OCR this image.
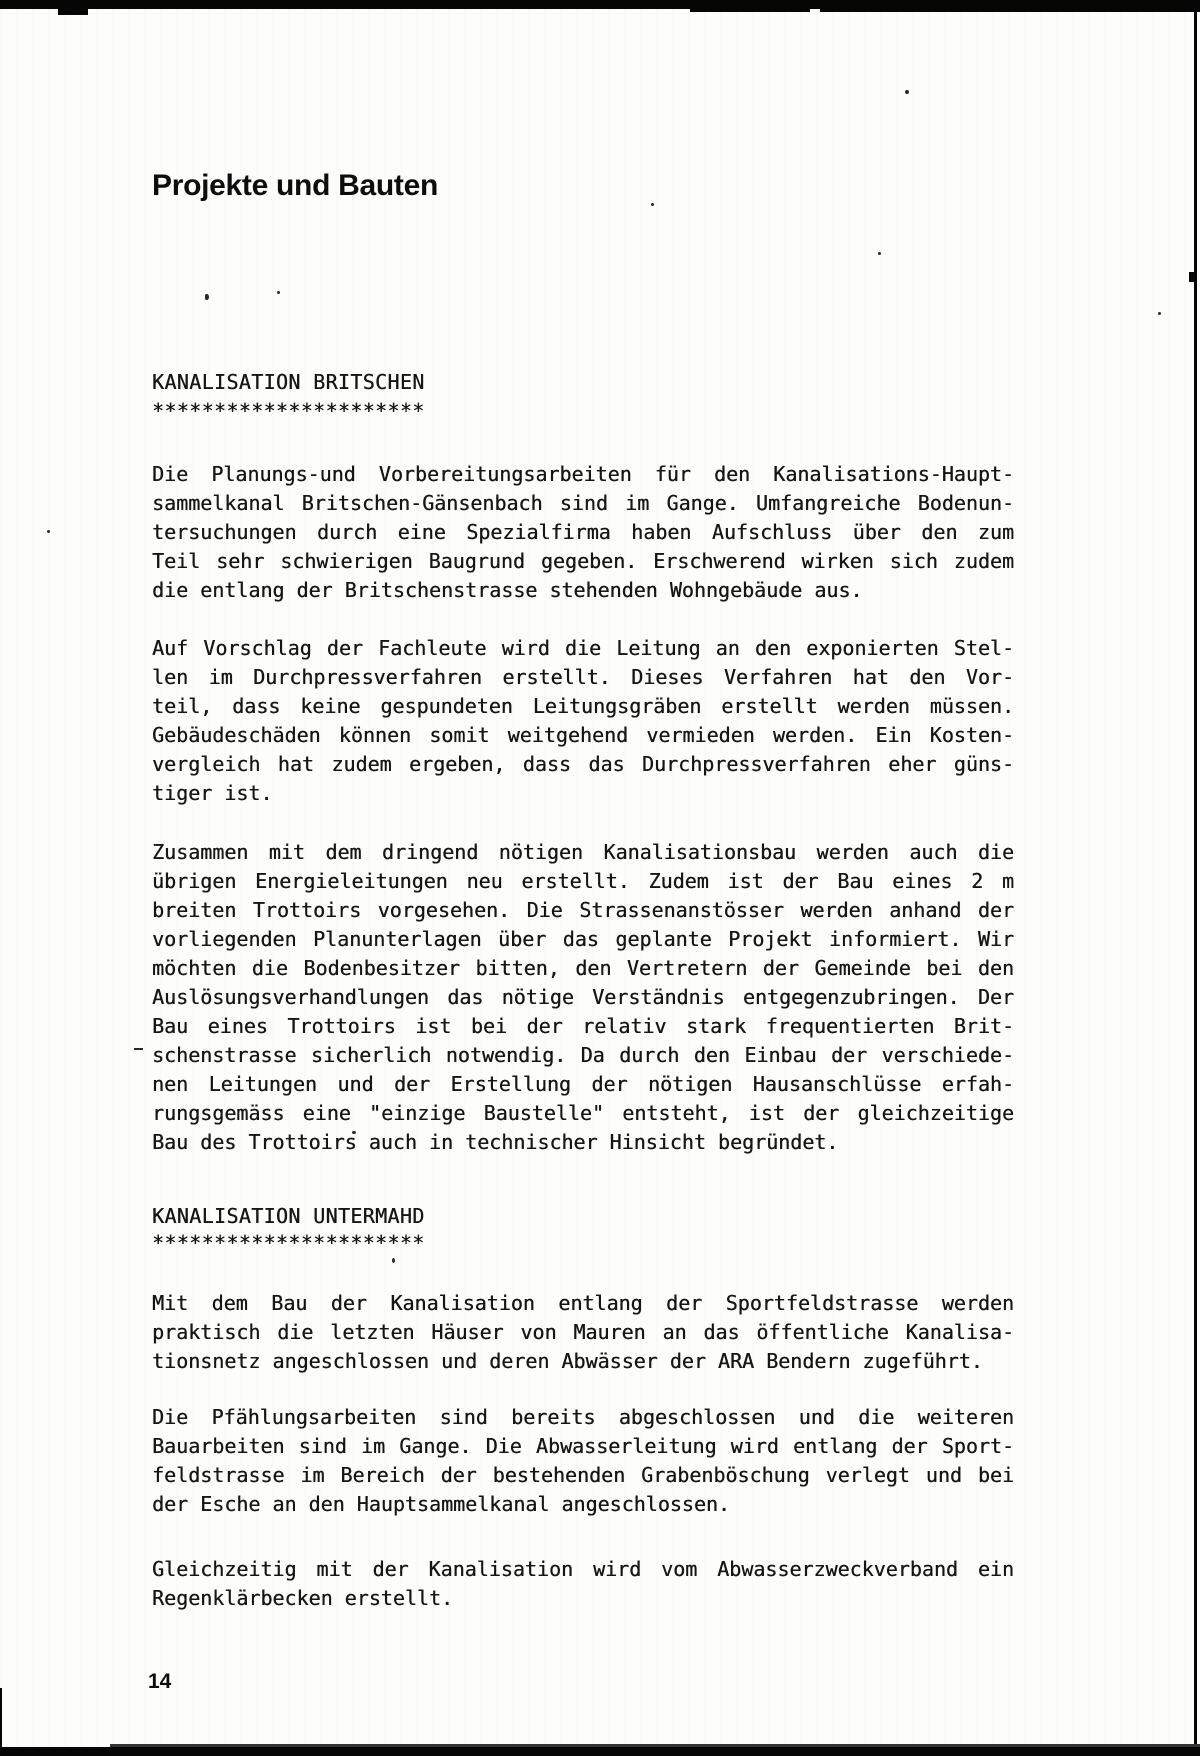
Projekte und Bauten
KANALISATION BRITSCHEN
**********************
Die Planungs-und Vorbereitungsarbeiten für den Kanalisations-Haupt-
sammelkanal Britschen-Gänsenbach sind im Gange. Umfangreiche Bodenun-
tersuchungen durch eine Spezialfirma haben Aufschluss über den zum
Teil sehr schwierigen Baugrund gegeben. Erschwerend wirken sich zudem
die entlang der Britschenstrasse stehenden Wohngebäude aus.
Auf Vorschlag der Fachleute wird die Leitung an den exponierten Stel-
len im Durchpressverfahren erstellt. Dieses Verfahren hat den Vor-
teil, dass keine gespundeten Leitungsgräben erstellt werden müssen.
Gebäudeschäden können somit weitgehend vermieden werden. Ein Kosten-
vergleich hat zudem ergeben, dass das Durchpressverfahren eher güns-
tiger ist.
Zusammen mit dem dringend nötigen Kanalisationsbau werden auch die
übrigen Energieleitungen neu erstellt. Zudem ist der Bau eines 2 m
breiten Trottoirs vorgesehen. Die Strassenanstösser werden anhand der
vorliegenden Planunterlagen über das geplante Projekt informiert. Wir
möchten die Bodenbesitzer bitten, den Vertretern der Gemeinde bei den
Auslösungsverhandlungen das nötige Verständnis entgegenzubringen. Der
Bau eines Trottoirs ist bei der relativ stark frequentierten Brit-
schenstrasse sicherlich notwendig. Da durch den Einbau der verschiede-
nen Leitungen und der Erstellung der nötigen Hausanschlüsse erfah-
rungsgemäss eine "einzige Baustelle" entsteht, ist der gleichzeitige
Bau des Trottoirs auch in technischer Hinsicht begründet.
KANALISATION UNTERMAHD
**********************
Mit dem Bau der Kanalisation entlang der Sportfeldstrasse werden
praktisch die letzten Häuser von Mauren an das öffentliche Kanalisa-
tionsnetz angeschlossen und deren Abwässer der ARA Bendern zugeführt.
Die Pfählungsarbeiten sind bereits abgeschlossen und die weiteren
Bauarbeiten sind im Gange. Die Abwasserleitung wird entlang der Sport-
feldstrasse im Bereich der bestehenden Grabenböschung verlegt und bei
der Esche an den Hauptsammelkanal angeschlossen.
Gleichzeitig mit der Kanalisation wird vom Abwasserzweckverband ein
Regenklärbecken erstellt.
14
